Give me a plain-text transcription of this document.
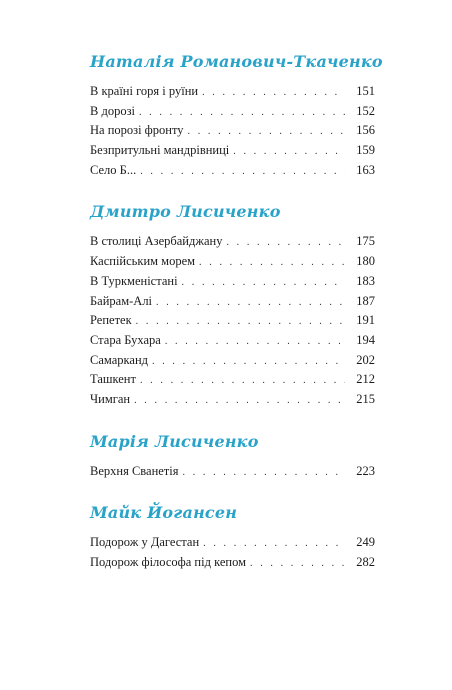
Наталія Романович-Ткаченко
В країні горя і руїни . . .	151
В дорозі . . .	152
На порозі фронту . . .	156
Безпритульні мандрівниці . . .	159
Село Б... . . .	163
Дмитро Лисиченко
В столиці Азербайджану . . .	175
Каспійським морем . . .	180
В Туркменістані . . .	183
Байрам-Алі . . .	187
Репетек . . .	191
Стара Бухара . . .	194
Самарканд . . .	202
Ташкент . . .	212
Чимган . . .	215
Марія Лисиченко
Верхня Сванетія . . .	223
Майк Йогансен
Подорож у Дагестан . . .	249
Подорож філософа під кепом . . .	282
